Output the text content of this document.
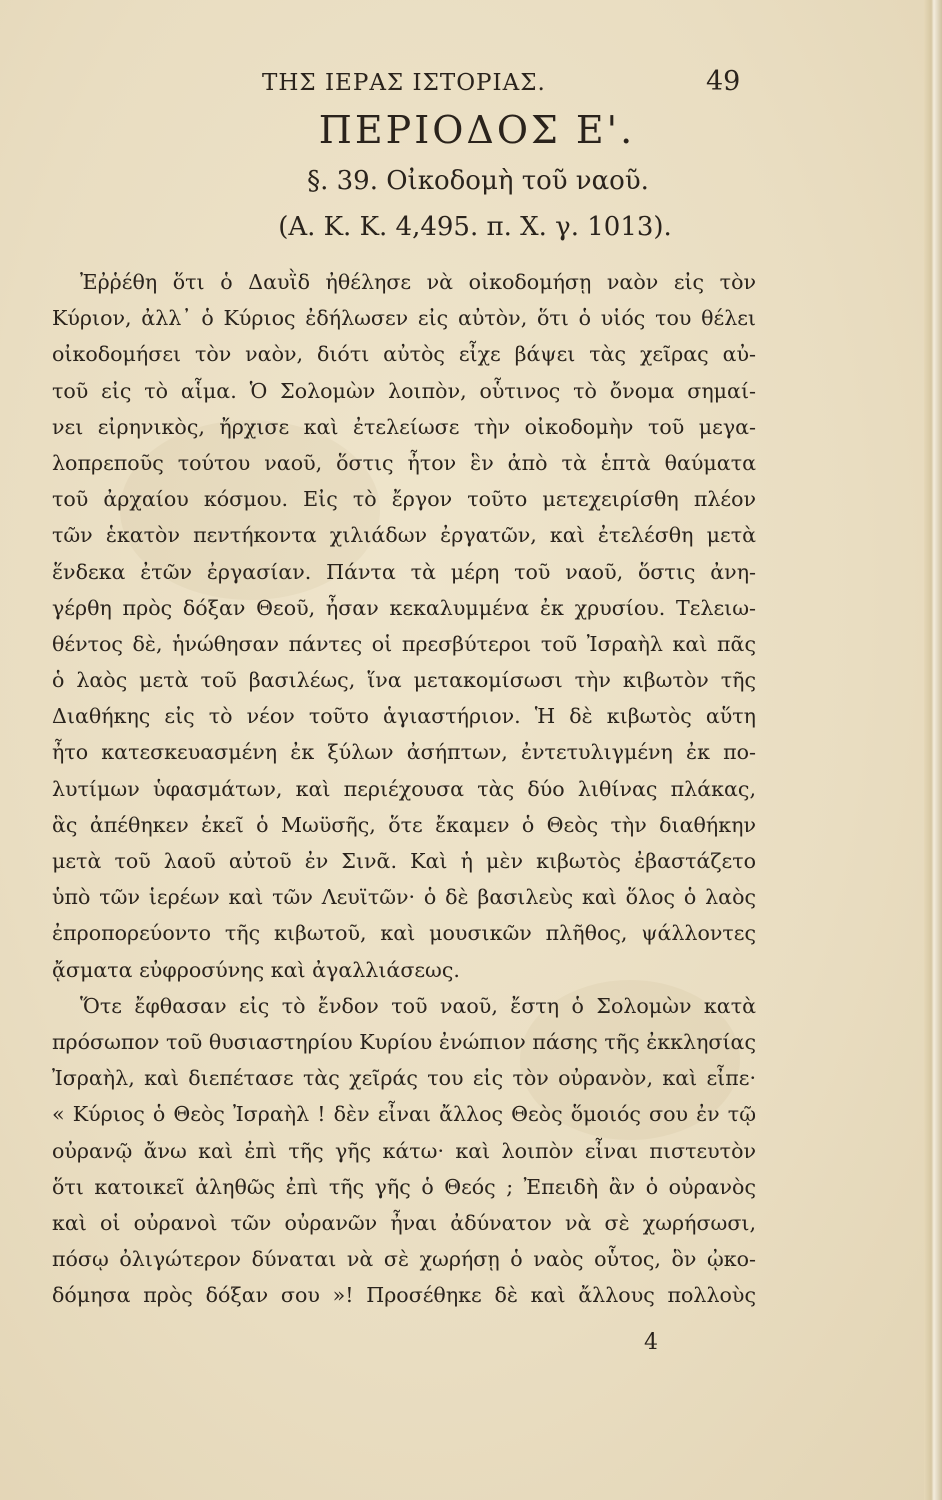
ΤΗΣ ΙΕΡΑΣ ΙΣΤΟΡΙΑΣ.	49
ΠΕΡΙΟΔΟΣ Ε'.
§. 39. Οἰκοδομὴ τοῦ ναοῦ.
(Α. Κ. Κ. 4,495. π. Χ. γ. 1013).
Ἐῤῥέθη ὅτι ὁ Δαυῒδ ἠθέλησε νὰ οἰκοδομήσῃ ναὸν εἰς τὸν
Κύριον, ἀλλ᾽ ὁ Κύριος ἐδήλωσεν εἰς αὐτὸν, ὅτι ὁ υἱός του θέλει
οἰκοδομήσει τὸν ναὸν, διότι αὐτὸς εἶχε βάψει τὰς χεῖρας αὐ-
τοῦ εἰς τὸ αἷμα. Ὁ Σολομὼν λοιπὸν, οὗτινος τὸ ὄνομα σημαί-
νει εἰρηνικὸς, ἤρχισε καὶ ἐτελείωσε τὴν οἰκοδομὴν τοῦ μεγα-
λοπρεποῦς τούτου ναοῦ, ὅστις ἦτον ἓν ἀπὸ τὰ ἑπτὰ θαύματα
τοῦ ἀρχαίου κόσμου. Εἰς τὸ ἔργον τοῦτο μετεχειρίσθη πλέον
τῶν ἑκατὸν πεντήκοντα χιλιάδων ἐργατῶν, καὶ ἐτελέσθη μετὰ
ἕνδεκα ἐτῶν ἐργασίαν. Πάντα τὰ μέρη τοῦ ναοῦ, ὅστις ἀνη-
γέρθη πρὸς δόξαν Θεοῦ, ἦσαν κεκαλυμμένα ἐκ χρυσίου. Τελειω-
θέντος δὲ, ἡνώθησαν πάντες οἱ πρεσβύτεροι τοῦ Ἰσραὴλ καὶ πᾶς
ὁ λαὸς μετὰ τοῦ βασιλέως, ἵνα μετακομίσωσι τὴν κιβωτὸν τῆς
Διαθήκης εἰς τὸ νέον τοῦτο ἁγιαστήριον. Ἡ δὲ κιβωτὸς αὕτη
ἦτο κατεσκευασμένη ἐκ ξύλων ἀσήπτων, ἐντετυλιγμένη ἐκ πο-
λυτίμων ὑφασμάτων, καὶ περιέχουσα τὰς δύο λιθίνας πλάκας,
ἃς ἀπέθηκεν ἐκεῖ ὁ Μωϋσῆς, ὅτε ἔκαμεν ὁ Θεὸς τὴν διαθήκην
μετὰ τοῦ λαοῦ αὐτοῦ ἐν Σινᾶ. Καὶ ἡ μὲν κιβωτὸς ἐβαστάζετο
ὑπὸ τῶν ἱερέων καὶ τῶν Λευϊτῶν· ὁ δὲ βασιλεὺς καὶ ὅλος ὁ λαὸς
ἐπροπορεύοντο τῆς κιβωτοῦ, καὶ μουσικῶν πλῆθος, ψάλλοντες
ᾄσματα εὐφροσύνης καὶ ἀγαλλιάσεως.
Ὅτε ἔφθασαν εἰς τὸ ἔνδον τοῦ ναοῦ, ἔστη ὁ Σολομὼν κατὰ
πρόσωπον τοῦ θυσιαστηρίου Κυρίου ἐνώπιον πάσης τῆς ἐκκλησίας
Ἰσραὴλ, καὶ διεπέτασε τὰς χεῖράς του εἰς τὸν οὐρανὸν, καὶ εἶπε·
« Κύριος ὁ Θεὸς Ἰσραὴλ ! δὲν εἶναι ἄλλος Θεὸς ὅμοιός σου ἐν τῷ
οὐρανῷ ἄνω καὶ ἐπὶ τῆς γῆς κάτω· καὶ λοιπὸν εἶναι πιστευτὸν
ὅτι κατοικεῖ ἀληθῶς ἐπὶ τῆς γῆς ὁ Θεός ; Ἐπειδὴ ἂν ὁ οὐρανὸς
καὶ οἱ οὐρανοὶ τῶν οὐρανῶν ἦναι ἀδύνατον νὰ σὲ χωρήσωσι,
πόσῳ ὀλιγώτερον δύναται νὰ σὲ χωρήσῃ ὁ ναὸς οὗτος, ὃν ᾠκο-
δόμησα πρὸς δόξαν σου »! Προσέθηκε δὲ καὶ ἄλλους πολλοὺς
4
